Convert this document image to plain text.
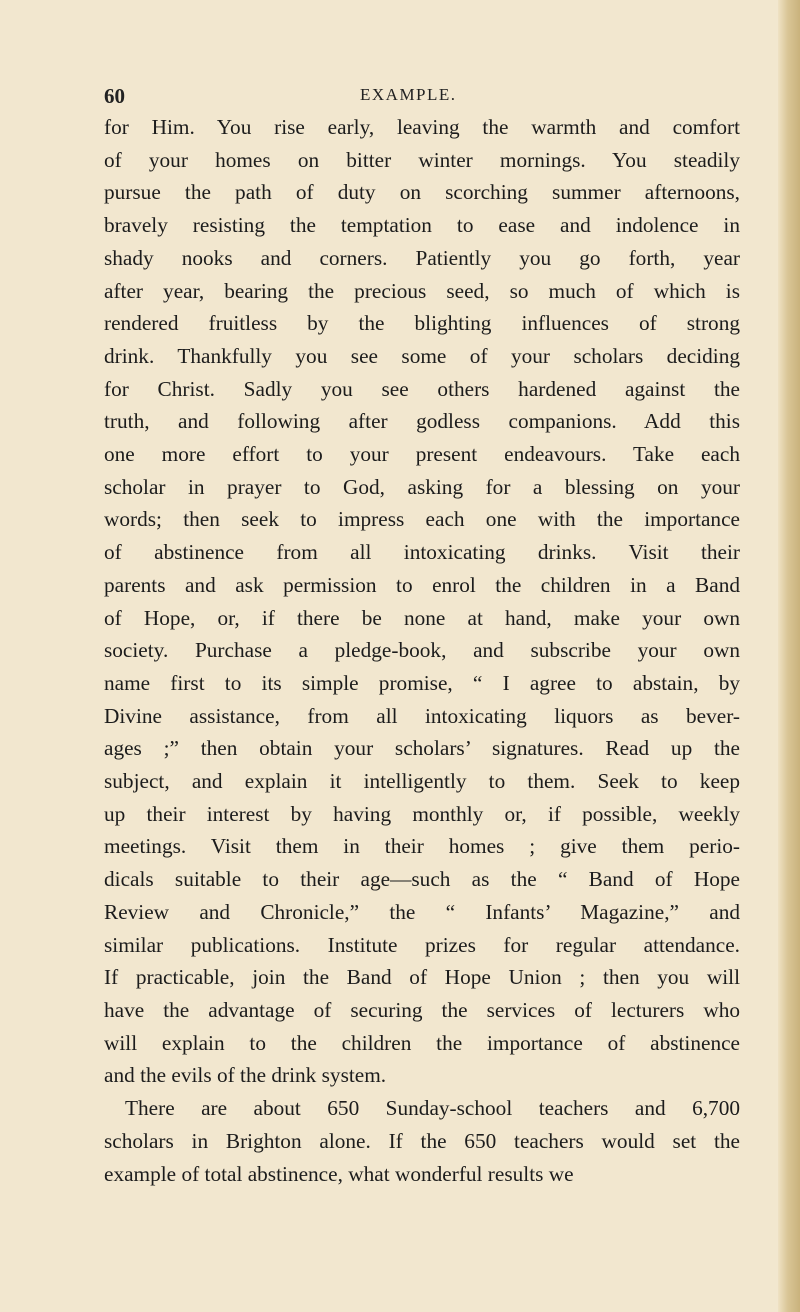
60	EXAMPLE.
for Him. You rise early, leaving the warmth and comfort
of your homes on bitter winter mornings. You steadily
pursue the path of duty on scorching summer afternoons,
bravely resisting the temptation to ease and indolence in
shady nooks and corners. Patiently you go forth, year
after year, bearing the precious seed, so much of which is
rendered fruitless by the blighting influences of strong
drink. Thankfully you see some of your scholars deciding
for Christ. Sadly you see others hardened against the
truth, and following after godless companions. Add this
one more effort to your present endeavours. Take each
scholar in prayer to God, asking for a blessing on your
words; then seek to impress each one with the importance
of abstinence from all intoxicating drinks. Visit their
parents and ask permission to enrol the children in a Band
of Hope, or, if there be none at hand, make your own
society. Purchase a pledge-book, and subscribe your own
name first to its simple promise, “ I agree to abstain, by
Divine assistance, from all intoxicating liquors as bever-
ages ;” then obtain your scholars’ signatures. Read up the
subject, and explain it intelligently to them. Seek to keep
up their interest by having monthly or, if possible, weekly
meetings. Visit them in their homes ; give them perio-
dicals suitable to their age—such as the “ Band of Hope
Review and Chronicle,” the “ Infants’ Magazine,” and
similar publications. Institute prizes for regular attendance.
If practicable, join the Band of Hope Union ; then you will
have the advantage of securing the services of lecturers who
will explain to the children the importance of abstinence
and the evils of the drink system.
There are about 650 Sunday-school teachers and 6,700
scholars in Brighton alone. If the 650 teachers would set the
example of total abstinence, what wonderful results we
